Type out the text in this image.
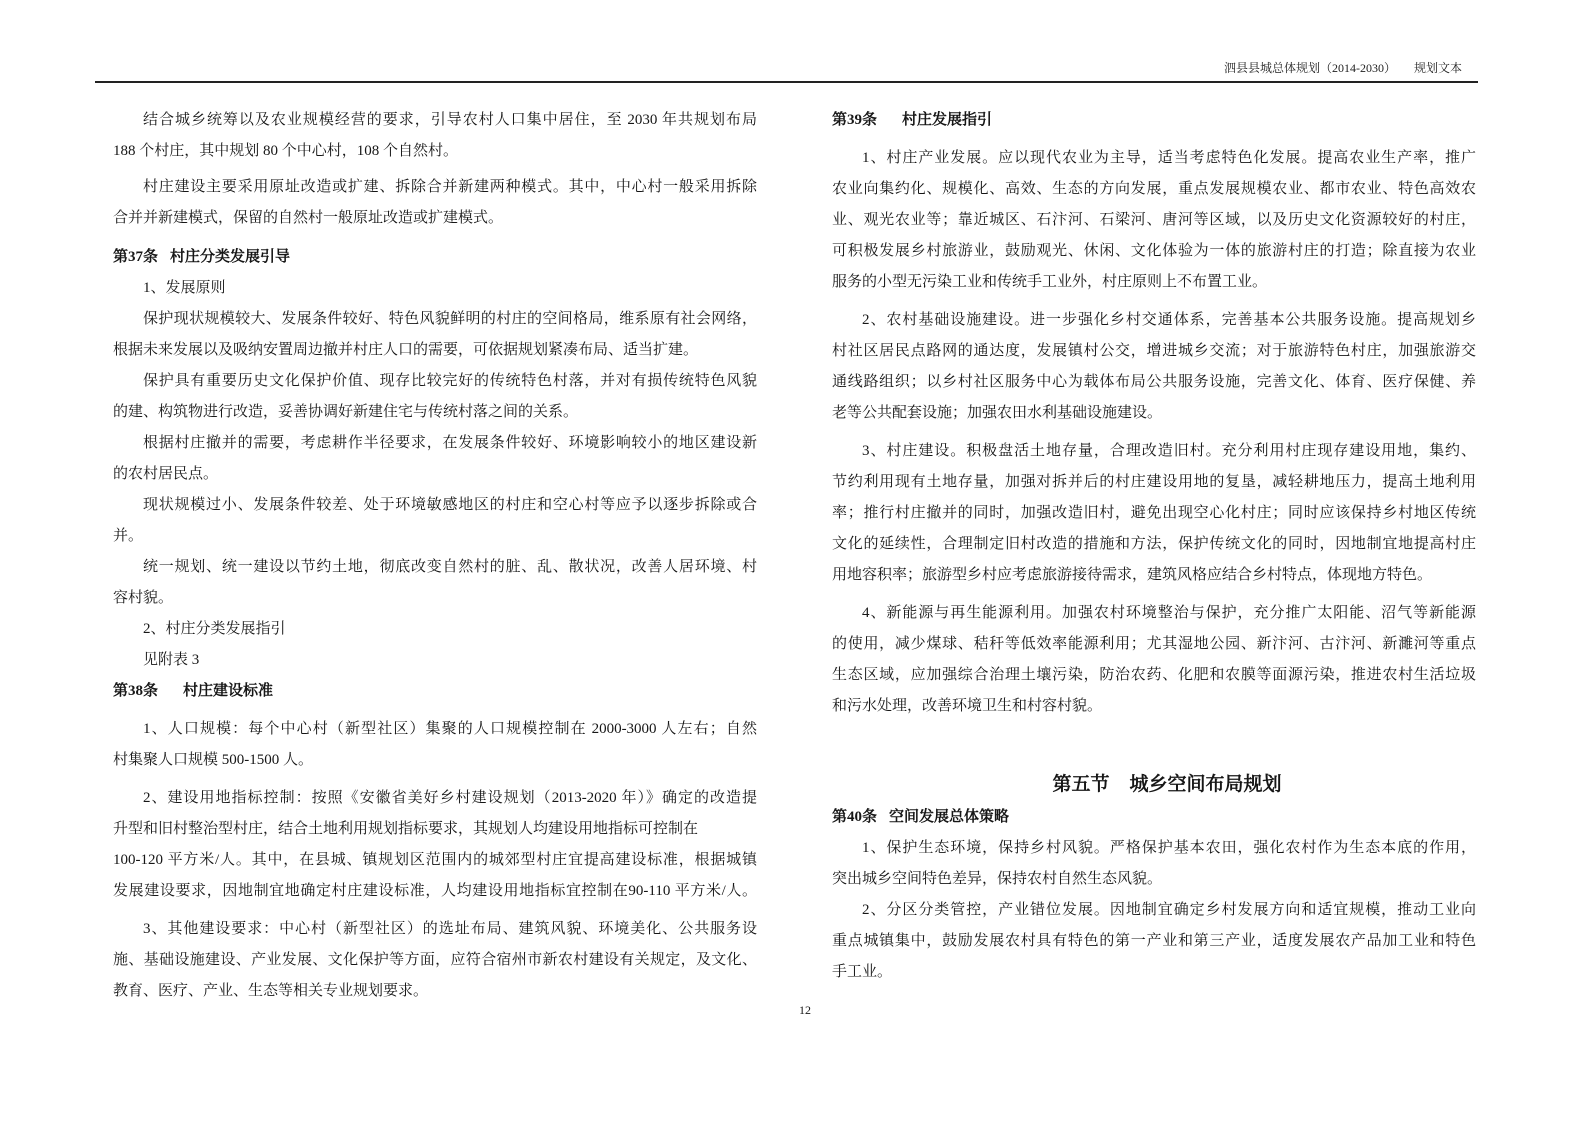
泗县县城总体规划（2014-2030） 规划文本
结合城乡统筹以及农业规模经营的要求，引导农村人口集中居住，至 2030 年共规划布局
188 个村庄，其中规划 80 个中心村，108 个自然村。
村庄建设主要采用原址改造或扩建、拆除合并新建两种模式。其中，中心村一般采用拆除
合并并新建模式，保留的自然村一般原址改造或扩建模式。
第37条 村庄分类发展引导
1、发展原则
保护现状规模较大、发展条件较好、特色风貌鲜明的村庄的空间格局，维系原有社会网络，
根据未来发展以及吸纳安置周边撤并村庄人口的需要，可依据规划紧凑布局、适当扩建。
保护具有重要历史文化保护价值、现存比较完好的传统特色村落，并对有损传统特色风貌
的建、构筑物进行改造，妥善协调好新建住宅与传统村落之间的关系。
根据村庄撤并的需要，考虑耕作半径要求，在发展条件较好、环境影响较小的地区建设新
的农村居民点。
现状规模过小、发展条件较差、处于环境敏感地区的村庄和空心村等应予以逐步拆除或合
并。
统一规划、统一建设以节约土地，彻底改变自然村的脏、乱、散状况，改善人居环境、村
容村貌。
2、村庄分类发展指引
见附表 3
第38条 村庄建设标准
1、人口规模：每个中心村（新型社区）集聚的人口规模控制在 2000-3000 人左右；自然
村集聚人口规模 500-1500 人。
2、建设用地指标控制：按照《安徽省美好乡村建设规划（2013-2020 年）》确定的改造提
升型和旧村整治型村庄，结合土地利用规划指标要求，其规划人均建设用地指标可控制在
100-120 平方米/人。其中，在县城、镇规划区范围内的城郊型村庄宜提高建设标准，根据城镇
发展建设要求，因地制宜地确定村庄建设标准，人均建设用地指标宜控制在90-110 平方米/人。
3、其他建设要求：中心村（新型社区）的选址布局、建筑风貌、环境美化、公共服务设
施、基础设施建设、产业发展、文化保护等方面，应符合宿州市新农村建设有关规定，及文化、
教育、医疗、产业、生态等相关专业规划要求。
第39条 村庄发展指引
1、村庄产业发展。应以现代农业为主导，适当考虑特色化发展。提高农业生产率，推广
农业向集约化、规模化、高效、生态的方向发展，重点发展规模农业、都市农业、特色高效农
业、观光农业等；靠近城区、石汴河、石梁河、唐河等区域，以及历史文化资源较好的村庄，
可积极发展乡村旅游业，鼓励观光、休闲、文化体验为一体的旅游村庄的打造；除直接为农业
服务的小型无污染工业和传统手工业外，村庄原则上不布置工业。
2、农村基础设施建设。进一步强化乡村交通体系，完善基本公共服务设施。提高规划乡
村社区居民点路网的通达度，发展镇村公交，增进城乡交流；对于旅游特色村庄，加强旅游交
通线路组织；以乡村社区服务中心为载体布局公共服务设施，完善文化、体育、医疗保健、养
老等公共配套设施；加强农田水利基础设施建设。
3、村庄建设。积极盘活土地存量，合理改造旧村。充分利用村庄现存建设用地，集约、
节约利用现有土地存量，加强对拆并后的村庄建设用地的复垦，减轻耕地压力，提高土地利用
率；推行村庄撤并的同时，加强改造旧村，避免出现空心化村庄；同时应该保持乡村地区传统
文化的延续性，合理制定旧村改造的措施和方法，保护传统文化的同时，因地制宜地提高村庄
用地容积率；旅游型乡村应考虑旅游接待需求，建筑风格应结合乡村特点，体现地方特色。
4、新能源与再生能源利用。加强农村环境整治与保护，充分推广太阳能、沼气等新能源
的使用，减少煤球、秸秆等低效率能源利用；尤其湿地公园、新汴河、古汴河、新濉河等重点
生态区域，应加强综合治理土壤污染，防治农药、化肥和农膜等面源污染，推进农村生活垃圾
和污水处理，改善环境卫生和村容村貌。
第五节 城乡空间布局规划
第40条 空间发展总体策略
1、保护生态环境，保持乡村风貌。严格保护基本农田，强化农村作为生态本底的作用，
突出城乡空间特色差异，保持农村自然生态风貌。
2、分区分类管控，产业错位发展。因地制宜确定乡村发展方向和适宜规模，推动工业向
重点城镇集中，鼓励发展农村具有特色的第一产业和第三产业，适度发展农产品加工业和特色
手工业。
12
